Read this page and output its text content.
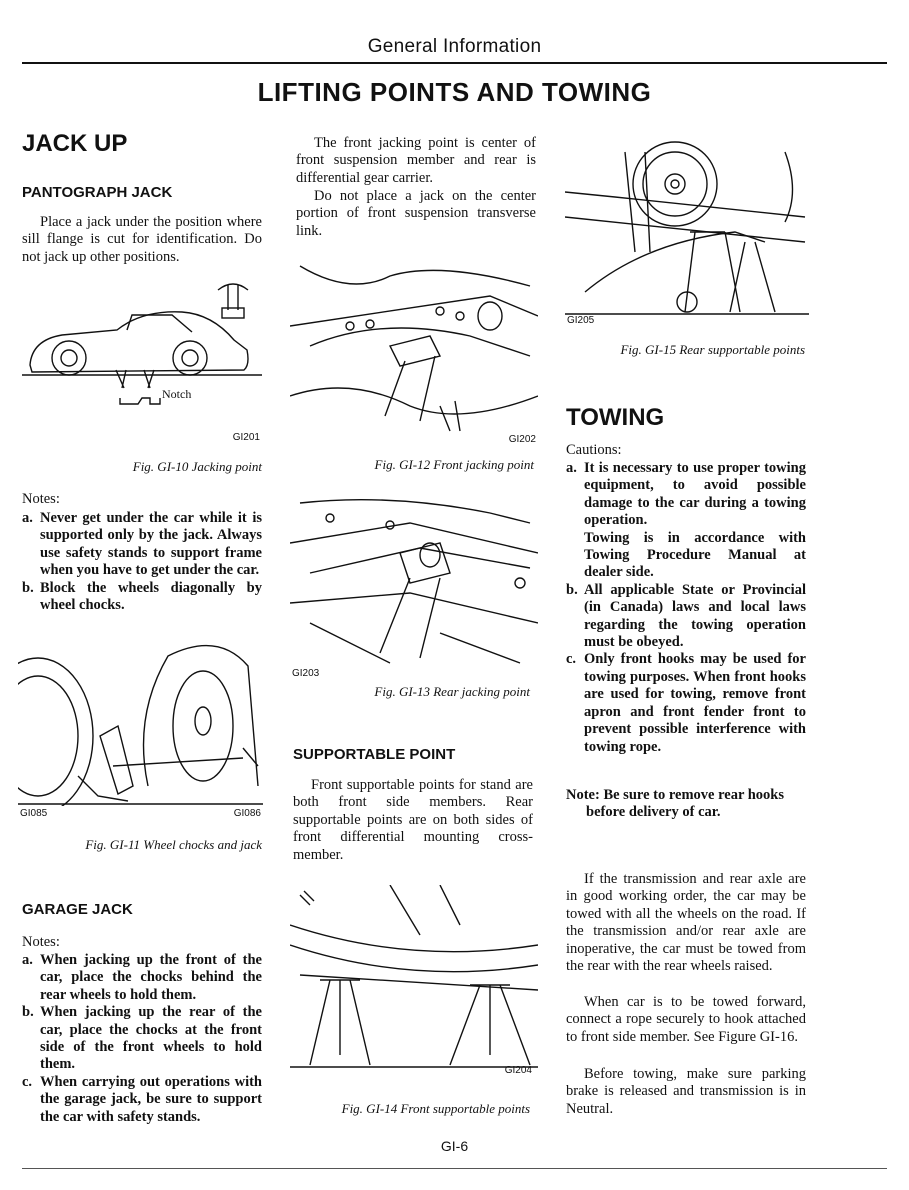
General Information
LIFTING POINTS AND TOWING
JACK UP
PANTOGRAPH JACK
Place a jack under the position where sill flange is cut for identification. Do not jack up other positions.
Notch
GI201
Fig. GI-10 Jacking point
Notes:
a. Never get under the car while it is supported only by the jack. Always use safety stands to support frame when you have to get under the car.
b. Block the wheels diagonally by wheel chocks.
GI085	GI086
Fig. GI-11 Wheel chocks and jack
GARAGE JACK
Notes:
a. When jacking up the front of the car, place the chocks behind the rear wheels to hold them.
b. When jacking up the rear of the car, place the chocks at the front side of the front wheels to hold them.
c. When carrying out operations with the garage jack, be sure to support the car with safety stands.
The front jacking point is center of front suspension member and rear is differential gear carrier.
Do not place a jack on the center portion of front suspension transverse link.
GI202
Fig. GI-12 Front jacking point
GI203
Fig. GI-13 Rear jacking point
SUPPORTABLE POINT
Front supportable points for stand are both front side members. Rear supportable points are on both sides of front differential mounting cross-member.
GI204
Fig. GI-14 Front supportable points
GI205
Fig. GI-15 Rear supportable points
TOWING
Cautions:
a. It is necessary to use proper towing equipment, to avoid possible damage to the car during a towing operation.
Towing is in accordance with Towing Procedure Manual at dealer side.
b. All applicable State or Provincial (in Canada) laws and local laws regarding the towing operation must be obeyed.
c. Only front hooks may be used for towing purposes. When front hooks are used for towing, remove front apron and front fender front to prevent possible interference with towing rope.
Note: Be sure to remove rear hooks before delivery of car.
If the transmission and rear axle are in good working order, the car may be towed with all the wheels on the road. If the transmission and/or rear axle are inoperative, the car must be towed from the rear with the rear wheels raised.
When car is to be towed forward, connect a rope securely to hook attached to front side member. See Figure GI-16.
Before towing, make sure parking brake is released and transmission is in Neutral.
GI-6
